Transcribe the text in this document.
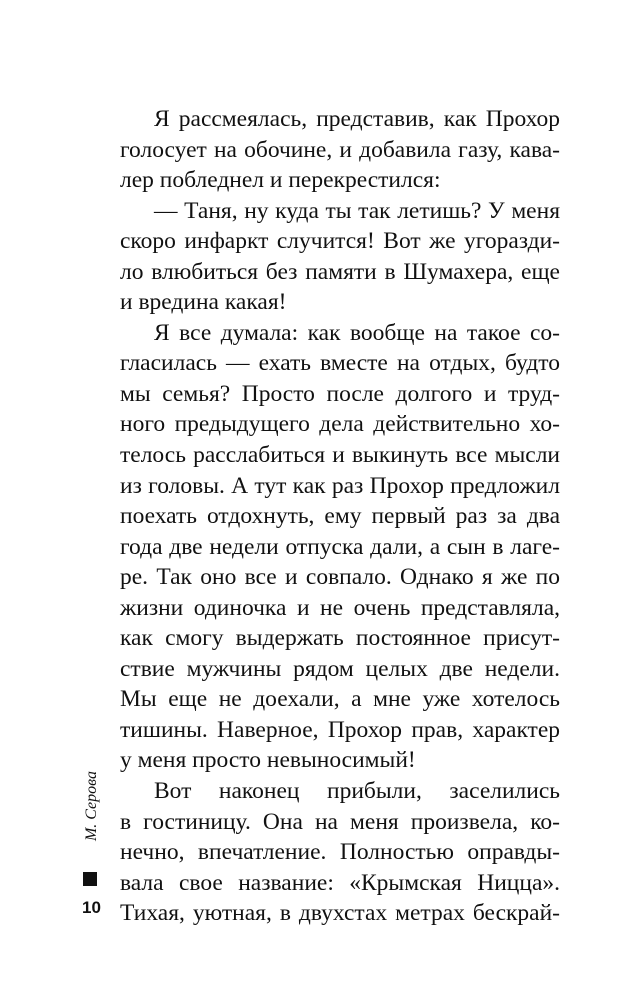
Я рассмеялась, представив, как Прохор
голосует на обочине, и добавила газу, кава-
лер побледнел и перекрестился:
— Таня, ну куда ты так летишь? У меня
скоро инфаркт случится! Вот же угоразди-
ло влюбиться без памяти в Шумахера, еще
и вредина какая!
Я все думала: как вообще на такое со-
гласилась — ехать вместе на отдых, будто
мы семья? Просто после долгого и труд-
ного предыдущего дела действительно хо-
телось расслабиться и выкинуть все мысли
из головы. А тут как раз Прохор предложил
поехать отдохнуть, ему первый раз за два
года две недели отпуска дали, а сын в лаге-
ре. Так оно все и совпало. Однако я же по
жизни одиночка и не очень представляла,
как смогу выдержать постоянное присут-
ствие мужчины рядом целых две недели.
Мы еще не доехали, а мне уже хотелось
тишины. Наверное, Прохор прав, характер
у меня просто невыносимый!
Вот наконец прибыли, заселились
в гостиницу. Она на меня произвела, ко-
нечно, впечатление. Полностью оправды-
вала свое название: «Крымская Ницца».
Тихая, уютная, в двухстах метрах бескрай-
М. Серова
10
